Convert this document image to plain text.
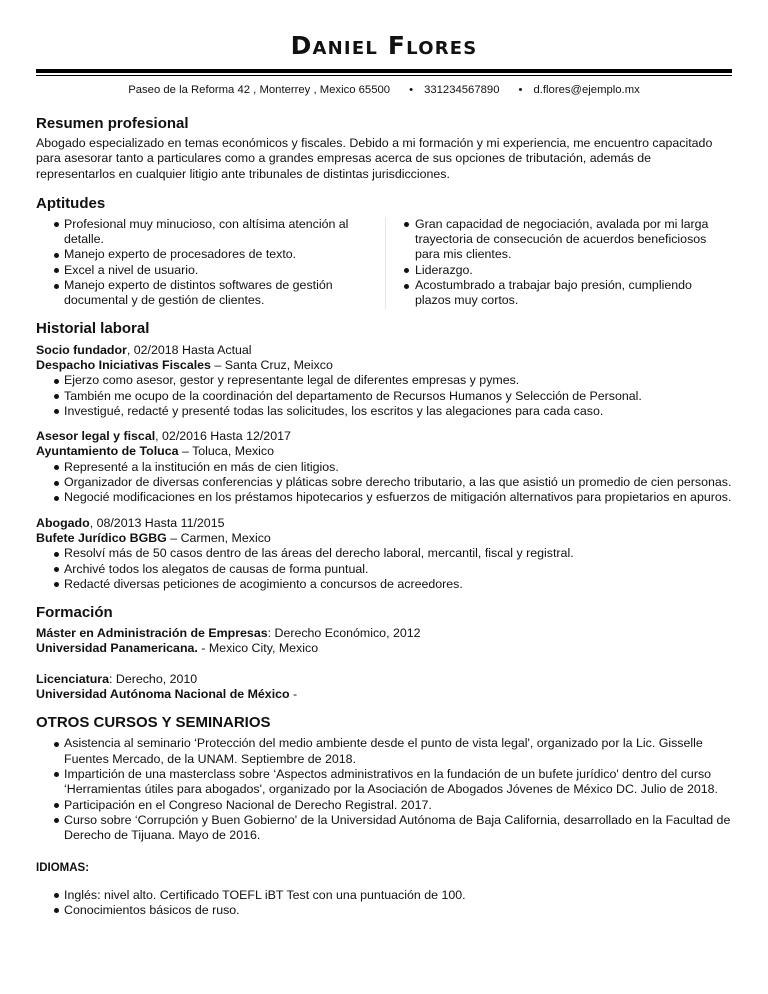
Daniel Flores
Paseo de la Reforma 42 , Monterrey , Mexico 65500 • 331234567890 • d.flores@ejemplo.mx
Resumen profesional
Abogado especializado en temas económicos y fiscales. Debido a mi formación y mi experiencia, me encuentro capacitado para asesorar tanto a particulares como a grandes empresas acerca de sus opciones de tributación, además de representarlos en cualquier litigio ante tribunales de distintas jurisdicciones.
Aptitudes
Profesional muy minucioso, con altísima atención al detalle.
Manejo experto de procesadores de texto.
Excel a nivel de usuario.
Manejo experto de distintos softwares de gestión documental y de gestión de clientes.
Gran capacidad de negociación, avalada por mi larga trayectoria de consecución de acuerdos beneficiosos para mis clientes.
Liderazgo.
Acostumbrado a trabajar bajo presión, cumpliendo plazos muy cortos.
Historial laboral
Socio fundador, 02/2018 Hasta Actual
Despacho Iniciativas Fiscales – Santa Cruz, Meixco
Ejerzo como asesor, gestor y representante legal de diferentes empresas y pymes.
También me ocupo de la coordinación del departamento de Recursos Humanos y Selección de Personal.
Investigué, redacté y presenté todas las solicitudes, los escritos y las alegaciones para cada caso.
Asesor legal y fiscal, 02/2016 Hasta 12/2017
Ayuntamiento de Toluca – Toluca, Mexico
Representé a la institución en más de cien litigios.
Organizador de diversas conferencias y pláticas sobre derecho tributario, a las que asistió un promedio de cien personas.
Negocié modificaciones en los préstamos hipotecarios y esfuerzos de mitigación alternativos para propietarios en apuros.
Abogado, 08/2013 Hasta 11/2015
Bufete Jurídico BGBG – Carmen, Mexico
Resolví más de 50 casos dentro de las áreas del derecho laboral, mercantil, fiscal y registral.
Archivé todos los alegatos de causas de forma puntual.
Redacté diversas peticiones de acogimiento a concursos de acreedores.
Formación
Máster en Administración de Empresas: Derecho Económico, 2012
Universidad Panamericana. - Mexico City, Mexico
Licenciatura: Derecho, 2010
Universidad Autónoma Nacional de México -
OTROS CURSOS Y SEMINARIOS
Asistencia al seminario ‘Protección del medio ambiente desde el punto de vista legal', organizado por la Lic. Gisselle Fuentes Mercado, de la UNAM. Septiembre de 2018.
Impartición de una masterclass sobre ‘Aspectos administrativos en la fundación de un bufete jurídico' dentro del curso ‘Herramientas útiles para abogados', organizado por la Asociación de Abogados Jóvenes de México DC. Julio de 2018.
Participación en el Congreso Nacional de Derecho Registral. 2017.
Curso sobre ‘Corrupción y Buen Gobierno' de la Universidad Autónoma de Baja California, desarrollado en la Facultad de Derecho de Tijuana. Mayo de 2016.
IDIOMAS:
Inglés: nivel alto. Certificado TOEFL iBT Test con una puntuación de 100.
Conocimientos básicos de ruso.
